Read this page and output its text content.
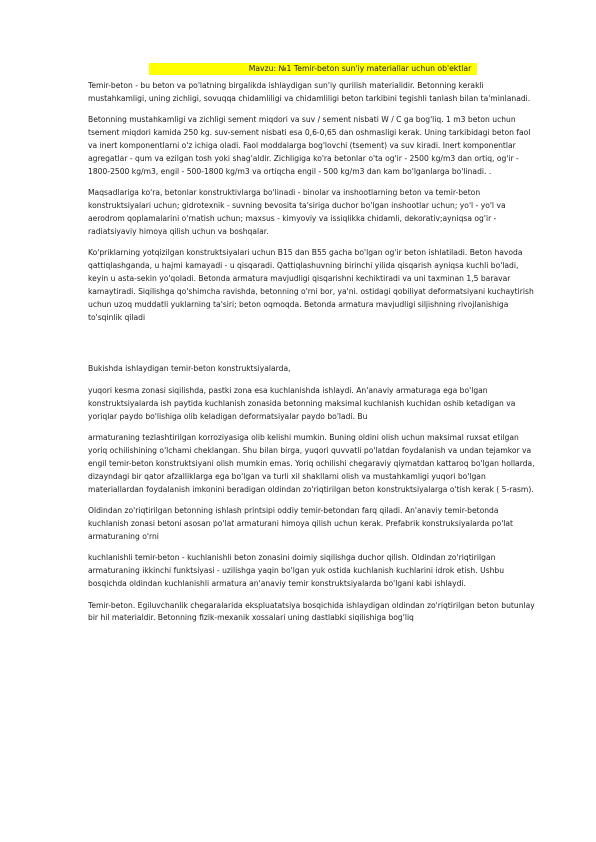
Mavzu: №1 Temir-beton sun'iy materiallar uchun ob'ektlar

Temir-beton - bu beton va po'latning birgalikda ishlaydigan sun'iy qurilish materialidir. Betonning kerakli mustahkamligi, uning zichligi, sovuqqa chidamliligi va chidamliligi beton tarkibini tegishli tanlash bilan ta'minlanadi.

Betonning mustahkamligi va zichligi sement miqdori va suv / sement nisbati W / C ga bog'liq. 1 m3 beton uchun tsement miqdori kamida 250 kg. suv-sement nisbati esa 0,6-0,65 dan oshmasligi kerak. Uning tarkibidagi beton faol va inert komponentlarni o'z ichiga oladi. Faol moddalarga bog'lovchi (tsement) va suv kiradi. Inert komponentlar agregatlar - qum va ezilgan tosh yoki shag'aldir. Zichligiga ko'ra betonlar o'ta og'ir - 2500 kg/m3 dan ortiq, og'ir - 1800-2500 kg/m3, engil - 500-1800 kg/m3 va ortiqcha engil - 500 kg/m3 dan kam bo'lganlarga bo'linadi. .

Maqsadlariga ko'ra, betonlar konstruktivlarga bo'linadi - binolar va inshootlarning beton va temir-beton konstruktsiyalari uchun; gidrotexnik - suvning bevosita ta'siriga duchor bo'lgan inshootlar uchun; yo'l - yo'l va aerodrom qoplamalarini o'rnatish uchun; maxsus - kimyoviy va issiqlikka chidamli, dekorativ;ayniqsa og'ir - radiatsiyaviy himoya qilish uchun va boshqalar.

Ko'priklarning yotqizilgan konstruktsiyalari uchun B15 dan B55 gacha bo'lgan og'ir beton ishlatiladi. Beton havoda qattiqlashganda, u hajmi kamayadi - u qisqaradi. Qattiqlashuvning birinchi yilida qisqarish ayniqsa kuchli bo'ladi, keyin u asta-sekin yo'qoladi. Betonda armatura mavjudligi qisqarishni kechiktiradi va uni taxminan 1,5 baravar kamaytiradi. Siqilishga qo'shimcha ravishda, betonning o'rni bor, ya'ni. ostidagi qobiliyat deformatsiyani kuchaytirish uchun uzoq muddatli yuklarning ta'siri; beton oqmoqda. Betonda armatura mavjudligi siljishning rivojlanishiga to'sqinlik qiladi

Bukishda ishlaydigan temir-beton konstruktsiyalarda,

yuqori kesma zonasi siqilishda, pastki zona esa kuchlanishda ishlaydi. An'anaviy armaturaga ega bo'lgan konstruktsiyalarda ish paytida kuchlanish zonasida betonning maksimal kuchlanish kuchidan oshib ketadigan va yoriqlar paydo bo'lishiga olib keladigan deformatsiyalar paydo bo'ladi. Bu

armaturaning tezlashtirilgan korroziyasiga olib kelishi mumkin. Buning oldini olish uchun maksimal ruxsat etilgan yoriq ochilishining o'lchami cheklangan. Shu bilan birga, yuqori quvvatli po'latdan foydalanish va undan tejamkor va engil temir-beton konstruktsiyani olish mumkin emas. Yoriq ochilishi chegaraviy qiymatdan kattaroq bo'lgan hollarda, dizayndagi bir qator afzalliklarga ega bo'lgan va turli xil shakllarni olish va mustahkamligi yuqori bo'lgan materiallardan foydalanish imkonini beradigan oldindan zo'riqtirilgan beton konstruktsiyalarga o'tish kerak ( 5-rasm).

Oldindan zo'riqtirilgan betonning ishlash printsipi oddiy temir-betondan farq qiladi. An'anaviy temir-betonda kuchlanish zonasi betoni asosan po'lat armaturani himoya qilish uchun kerak. Prefabrik konstruksiyalarda po'lat armaturaning o'rni

kuchlanishli temir-beton - kuchlanishli beton zonasini doimiy siqilishga duchor qilish. Oldindan zo'riqtirilgan armaturaning ikkinchi funktsiyasi - uzilishga yaqin bo'lgan yuk ostida kuchlanish kuchlarini idrok etish. Ushbu bosqichda oldindan kuchlanishli armatura an'anaviy temir konstruktsiyalarda bo'lgani kabi ishlaydi.

Temir-beton. Egiluvchanlik chegaralarida ekspluatatsiya bosqichida ishlaydigan oldindan zo'riqtirilgan beton butunlay bir hil materialdir. Betonning fizik-mexanik xossalari uning dastlabki siqilishiga bog'liq
